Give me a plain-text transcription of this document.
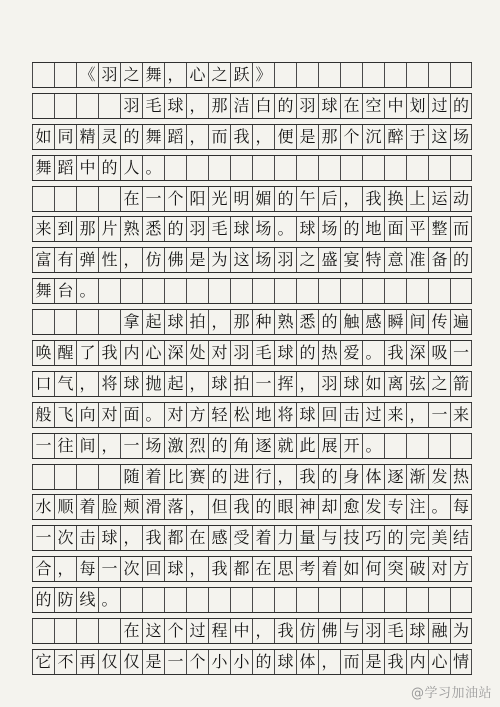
《 羽 之 舞 ， 心 之 跃 》
羽 毛 球 ， 那 洁 白 的 羽 球 在 空 中 划 过 的
如 同 精 灵 的 舞 蹈 ， 而 我 ， 便 是 那 个 沉 醉 于 这 场
舞 蹈 中 的 人 。
在 一 个 阳 光 明 媚 的 午 后 ， 我 换 上 运 动
来 到 那 片 熟 悉 的 羽 毛 球 场 。 球 场 的 地 面 平 整 而
富 有 弹 性 ， 仿 佛 是 为 这 场 羽 之 盛 宴 特 意 准 备 的
舞 台 。
拿 起 球 拍 ， 那 种 熟 悉 的 触 感 瞬 间 传 遍
唤 醒 了 我 内 心 深 处 对 羽 毛 球 的 热 爱 。 我 深 吸 一
口 气 ， 将 球 抛 起 ， 球 拍 一 挥 ， 羽 球 如 离 弦 之 箭
般 飞 向 对 面 。 对 方 轻 松 地 将 球 回 击 过 来 ， 一 来
一 往 间 ， 一 场 激 烈 的 角 逐 就 此 展 开 。
随 着 比 赛 的 进 行 ， 我 的 身 体 逐 渐 发 热
水 顺 着 脸 颊 滑 落 ， 但 我 的 眼 神 却 愈 发 专 注 。 每
一 次 击 球 ， 我 都 在 感 受 着 力 量 与 技 巧 的 完 美 结
合 ， 每 一 次 回 球 ， 我 都 在 思 考 着 如 何 突 破 对 方
的 防 线 。
在 这 个 过 程 中 ， 我 仿 佛 与 羽 毛 球 融 为
它 不 再 仅 仅 是 一 个 小 小 的 球 体 ， 而 是 我 内 心 情
@学习加油站
